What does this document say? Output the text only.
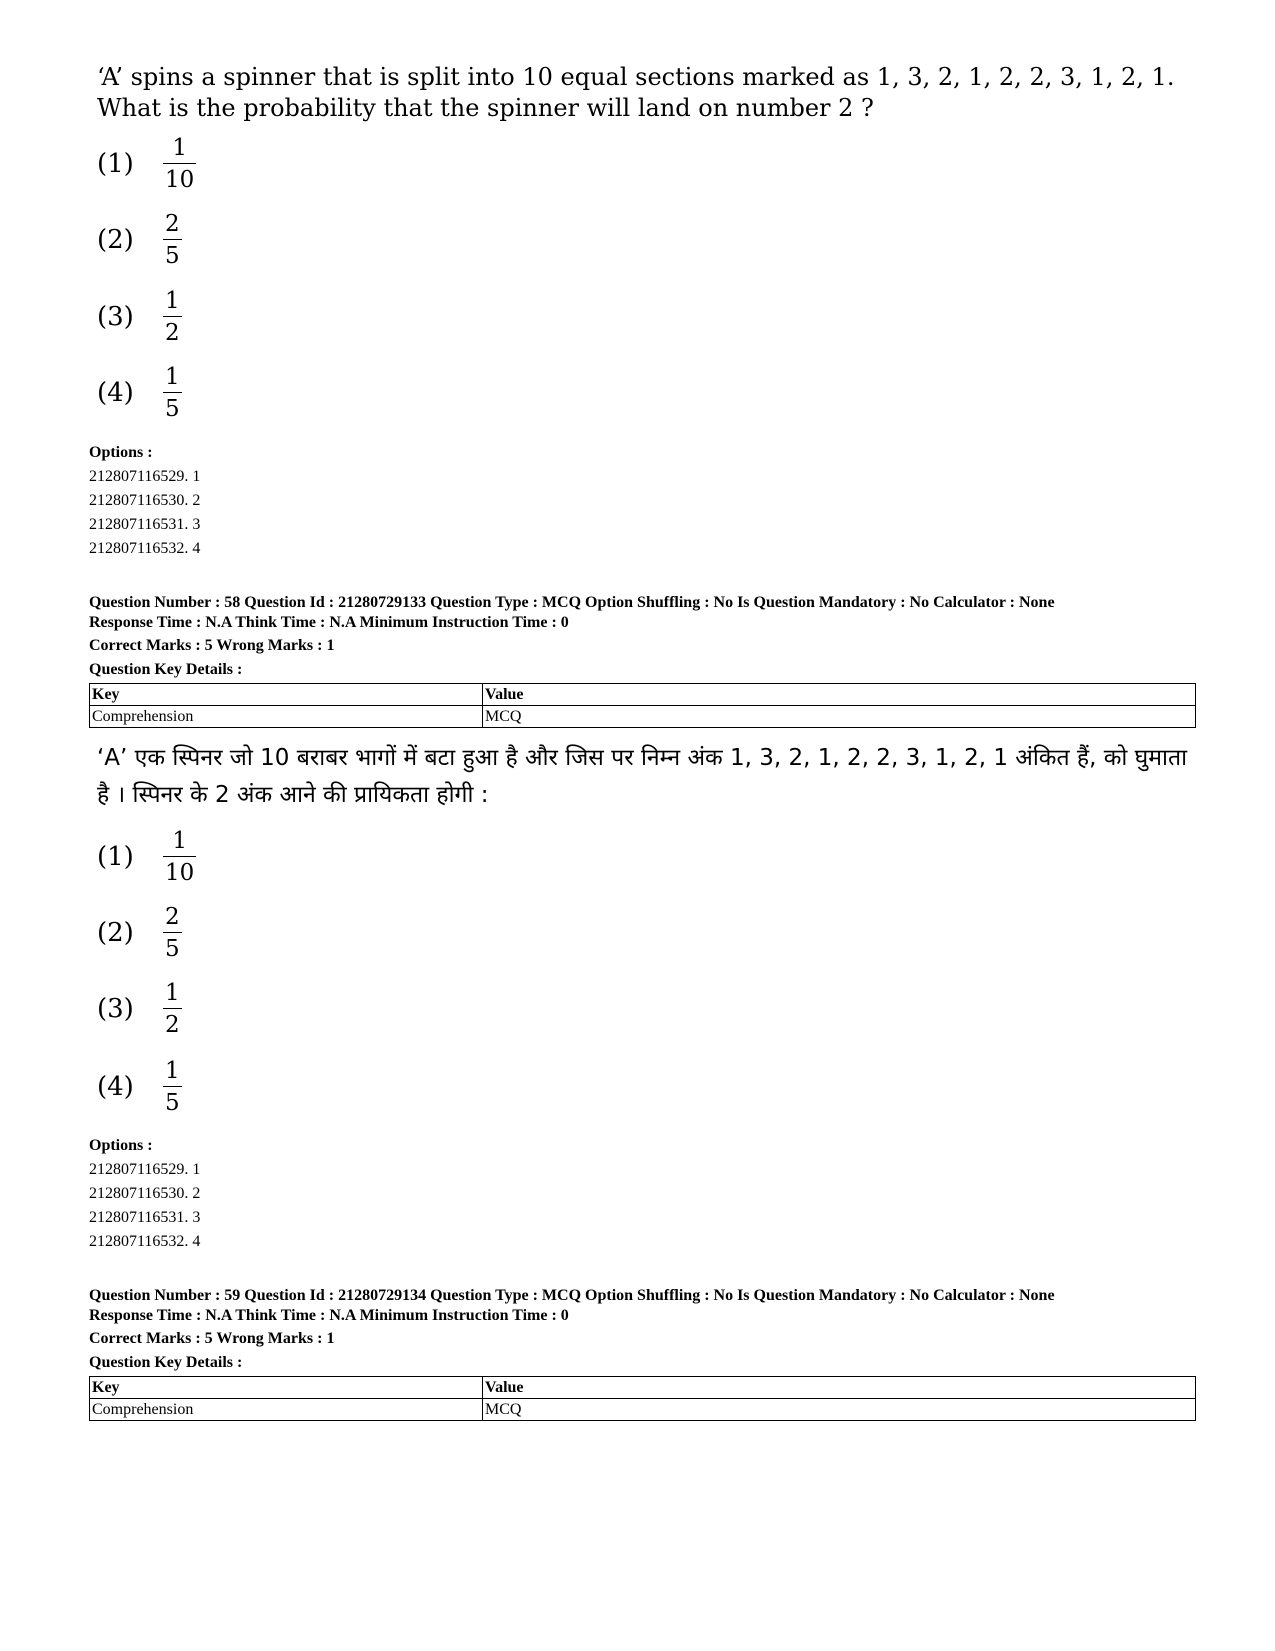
‘A’ spins a spinner that is split into 10 equal sections marked as 1, 3, 2, 1, 2, 2, 3, 1, 2, 1. What is the probability that the spinner will land on number 2 ?

(1)	$\frac{1}{10}$
(2)	$\frac{2}{5}$
(3)	$\frac{1}{2}$
(4)	$\frac{1}{5}$
Options :
212807116529. 1
212807116530. 2
212807116531. 3
212807116532. 4
Question Number : 58 Question Id : 21280729133 Question Type : MCQ Option Shuffling : No Is Question Mandatory : No Calculator : None
Response Time : N.A Think Time : N.A Minimum Instruction Time : 0
Correct Marks : 5 Wrong Marks : 1
Question Key Details :
Key	Value
Comprehension	MCQ
‘A’ एक स्पिनर जो 10 बराबर भागों में बटा हुआ है और जिस पर निम्न अंक 1, 3, 2, 1, 2, 2, 3, 1, 2, 1 अंकित हैं, को घुमाता
है । स्पिनर के 2 अंक आने की प्रायिकता होगी :
(1)	$\frac{1}{10}$
(2)	$\frac{2}{5}$
(3)	$\frac{1}{2}$
(4)	$\frac{1}{5}$
Options :
212807116529. 1
212807116530. 2
212807116531. 3
212807116532. 4
Question Number : 59 Question Id : 21280729134 Question Type : MCQ Option Shuffling : No Is Question Mandatory : No Calculator : None
Response Time : N.A Think Time : N.A Minimum Instruction Time : 0
Correct Marks : 5 Wrong Marks : 1
Question Key Details :
Key	Value
Comprehension	MCQ
